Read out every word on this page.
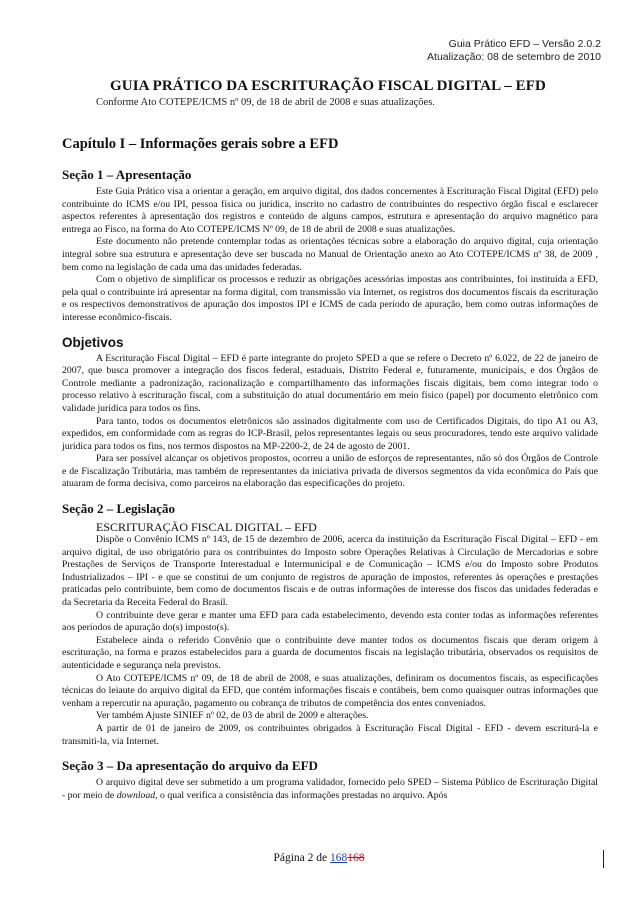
Guia Prático EFD – Versão 2.0.2
Atualização: 08 de setembro de 2010
GUIA PRÁTICO DA ESCRITURAÇÃO FISCAL DIGITAL – EFD
Conforme Ato COTEPE/ICMS nº 09, de 18 de abril de 2008 e suas atualizações.
Capítulo I – Informações gerais sobre a EFD
Seção 1 – Apresentação

Este Guia Prático visa a orientar a geração, em arquivo digital, dos dados concernentes à Escrituração Fiscal Digital (EFD) pelo contribuinte do ICMS e/ou IPI, pessoa física ou jurídica, inscrito no cadastro de contribuintes do respectivo órgão fiscal e esclarecer aspectos referentes à apresentação dos registros e conteúdo de alguns campos, estrutura e apresentação do arquivo magnético para entrega ao Fisco, na forma do Ato COTEPE/ICMS Nº 09, de 18 de abril de 2008 e suas atualizações.

Este documento não pretende contemplar todas as orientações técnicas sobre a elaboração do arquivo digital, cuja orientação integral sobre sua estrutura e apresentação deve ser buscada no Manual de Orientação anexo ao Ato COTEPE/ICMS nº 38, de 2009 , bem como na legislação de cada uma das unidades federadas.

Com o objetivo de simplificar os processos e reduzir as obrigações acessórias impostas aos contribuintes, foi instituída a EFD, pela qual o contribuinte irá apresentar na forma digital, com transmissão via Internet, os registros dos documentos fiscais da escrituração e os respectivos demonstrativos de apuração dos impostos IPI e ICMS de cada período de apuração, bem como outras informações de interesse econômico-fiscais.

Objetivos

A Escrituração Fiscal Digital – EFD é parte integrante do projeto SPED a que se refere o Decreto nº 6.022, de 22 de janeiro de 2007, que busca promover a integração dos fiscos federal, estaduais, Distrito Federal e, futuramente, municipais, e dos Órgãos de Controle mediante a padronização, racionalização e compartilhamento das informações fiscais digitais, bem como integrar todo o processo relativo à escrituração fiscal, com a substituição do atual documentário em meio físico (papel) por documento eletrônico com validade jurídica para todos os fins.

Para tanto, todos os documentos eletrônicos são assinados digitalmente com uso de Certificados Digitais, do tipo A1 ou A3, expedidos, em conformidade com as regras do ICP-Brasil, pelos representantes legais ou seus procuradores, tendo este arquivo validade jurídica para todos os fins, nos termos dispostos na MP-2200-2, de 24 de agosto de 2001.

Para ser possível alcançar os objetivos propostos, ocorreu a união de esforços de representantes, não só dos Órgãos de Controle e de Fiscalização Tributária, mas também de representantes da iniciativa privada de diversos segmentos da vida econômica do País que atuaram de forma decisiva, como parceiros na elaboração das especificações do projeto.

Seção 2 – Legislação

ESCRITURAÇÃO FISCAL DIGITAL – EFD

Dispõe o Convênio ICMS nº 143, de 15 de dezembro de 2006, acerca da instituição da Escrituração Fiscal Digital – EFD - em arquivo digital, de uso obrigatório para os contribuintes do Imposto sobre Operações Relativas à Circulação de Mercadorias e sobre Prestações de Serviços de Transporte Interestadual e Intermunicipal e de Comunicação – ICMS e/ou do Imposto sobre Produtos Industrializados – IPI - e que se constitui de um conjunto de registros de apuração de impostos, referentes às operações e prestações praticadas pelo contribuinte, bem como de documentos fiscais e de outras informações de interesse dos fiscos das unidades federadas e da Secretaria da Receita Federal do Brasil.

O contribuinte deve gerar e manter uma EFD para cada estabelecimento, devendo esta conter todas as informações referentes aos períodos de apuração do(s) imposto(s).

Estabelece ainda o referido Convênio que o contribuinte deve manter todos os documentos fiscais que deram origem à escrituração, na forma e prazos estabelecidos para a guarda de documentos fiscais na legislação tributária, observados os requisitos de autenticidade e segurança nela previstos.

O Ato COTEPE/ICMS nº 09, de 18 de abril de 2008, e suas atualizações, definiram os documentos fiscais, as especificações técnicas do leiaute do arquivo digital da EFD, que contém informações fiscais e contábeis, bem como quaisquer outras informações que venham a repercutir na apuração, pagamento ou cobrança de tributos de competência dos entes conveniados.

Ver também Ajuste SINIEF nº 02, de 03 de abril de 2009 e alterações.

A partir de 01 de janeiro de 2009, os contribuintes obrigados à Escrituração Fiscal Digital - EFD - devem escriturá-la e transmiti-la, via Internet.

Seção 3 – Da apresentação do arquivo da EFD

O arquivo digital deve ser submetido a um programa validador, fornecido pelo SPED – Sistema Público de Escrituração Digital - por meio de download, o qual verifica a consistência das informações prestadas no arquivo. Após

Página 2 de 168168
